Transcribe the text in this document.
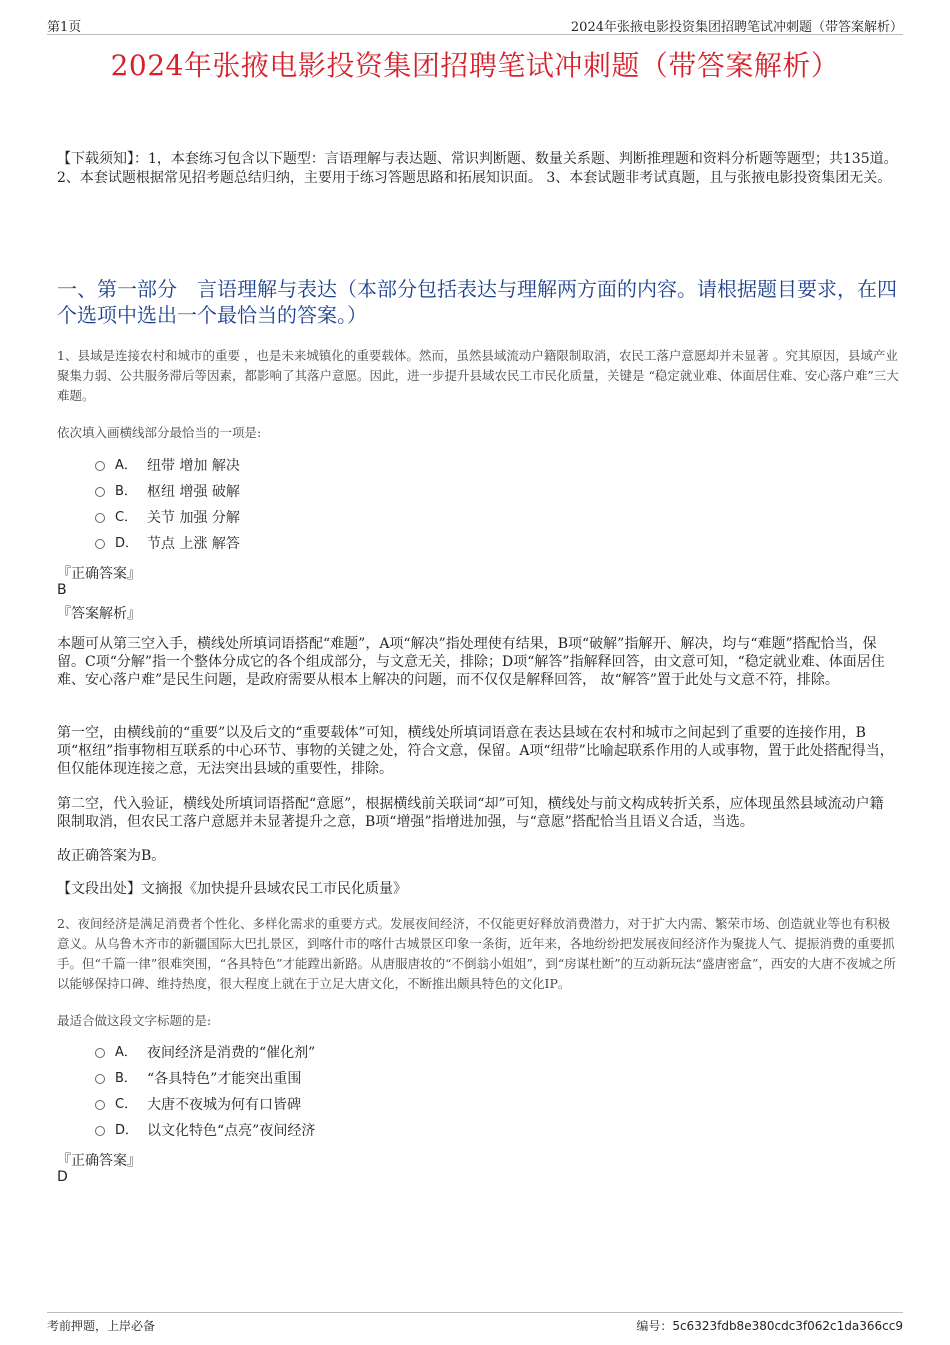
第1页	2024年张掖电影投资集团招聘笔试冲刺题（带答案解析）
2024年张掖电影投资集团招聘笔试冲刺题（带答案解析）
【下载须知】：1，本套练习包含以下题型：言语理解与表达题、常识判断题、数量关系题、判断推理题和资料分析题等题型；共135道。 2、本套试题根据常见招考题总结归纳，主要用于练习答题思路和拓展知识面。 3、本套试题非考试真题，且与张掖电影投资集团无关。
一、第一部分　言语理解与表达（本部分包括表达与理解两方面的内容。请根据题目要求，在四个选项中选出一个最恰当的答案。）
1、县域是连接农村和城市的重要 ，也是未来城镇化的重要载体。然而，虽然县域流动户籍限制取消，农民工落户意愿却并未显著 。究其原因，县域产业聚集力弱、公共服务滞后等因素，都影响了其落户意愿。因此，进一步提升县域农民工市民化质量，关键是 “稳定就业难、体面居住难、安心落户难”三大难题。
依次填入画横线部分最恰当的一项是:
A． 纽带 增加 解决
B． 枢纽 增强 破解
C． 关节 加强 分解
D． 节点 上涨 解答
『正确答案』
B
『答案解析』
本题可从第三空入手，横线处所填词语搭配“难题”，A项“解决”指处理使有结果，B项“破解”指解开、解决，均与“难题”搭配恰当，保留。C项“分解”指一个整体分成它的各个组成部分，与文意无关，排除；D项“解答”指解释回答，由文意可知，“稳定就业难、体面居住难、安心落户难”是民生问题，是政府需要从根本上解决的问题，而不仅仅是解释回答， 故“解答”置于此处与文意不符，排除。
第一空，由横线前的“重要”以及后文的“重要载体”可知，横线处所填词语意在表达县域在农村和城市之间起到了重要的连接作用，B项“枢纽”指事物相互联系的中心环节、事物的关键之处，符合文意，保留。A项“纽带”比喻起联系作用的人或事物，置于此处搭配得当，但仅能体现连接之意，无法突出县域的重要性，排除。
第二空，代入验证，横线处所填词语搭配“意愿”，根据横线前关联词“却”可知，横线处与前文构成转折关系，应体现虽然县域流动户籍限制取消，但农民工落户意愿并未显著提升之意，B项“增强”指增进加强，与“意愿”搭配恰当且语义合适，当选。
故正确答案为B。
【文段出处】文摘报《加快提升县域农民工市民化质量》
2、夜间经济是满足消费者个性化、多样化需求的重要方式。发展夜间经济，不仅能更好释放消费潜力，对于扩大内需、繁荣市场、创造就业等也有积极意义。从乌鲁木齐市的新疆国际大巴扎景区，到喀什市的喀什古城景区印象一条街，近年来，各地纷纷把发展夜间经济作为聚拢人气、提振消费的重要抓手。但“千篇一律”很难突围，“各具特色”才能蹚出新路。从唐服唐妆的“不倒翁小姐姐”，到“房谋杜断”的互动新玩法“盛唐密盒”，西安的大唐不夜城之所以能够保持口碑、维持热度，很大程度上就在于立足大唐文化，不断推出颇具特色的文化IP。
最适合做这段文字标题的是:
A． 夜间经济是消费的“催化剂”
B． “各具特色”才能突出重围
C． 大唐不夜城为何有口皆碑
D． 以文化特色“点亮”夜间经济
『正确答案』
D
考前押题，上岸必备	编号：5c6323fdb8e380cdc3f062c1da366cc9
